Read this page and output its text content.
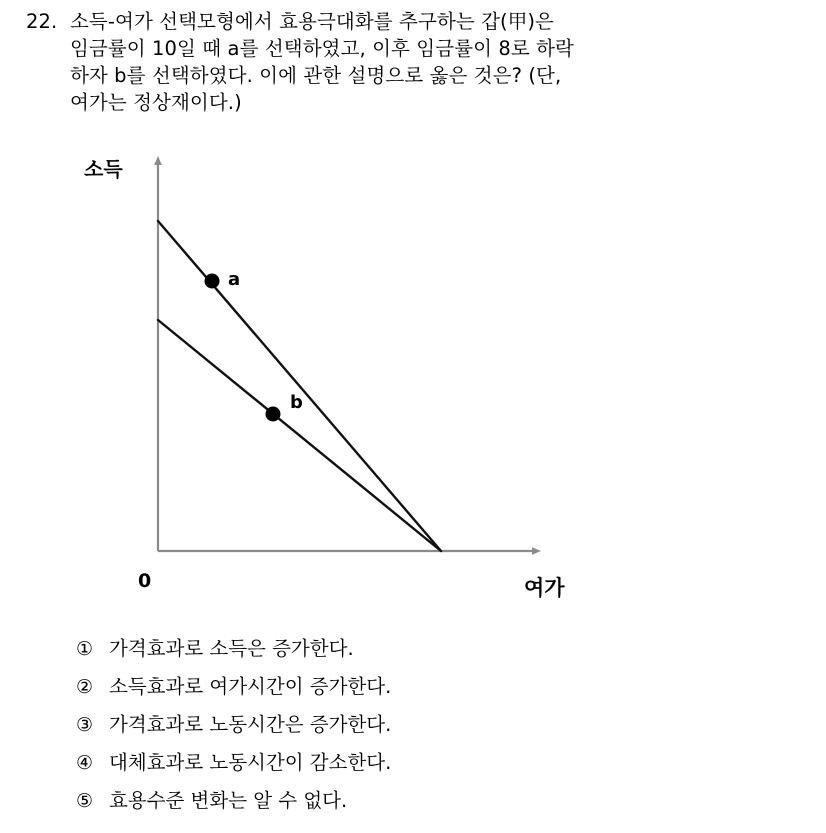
22. 소득-여가 선택모형에서 효용극대화를 추구하는 갑(甲)은
임금률이 10일 때 a를 선택하였고, 이후 임금률이 8로 하락
하자 b를 선택하였다. 이에 관한 설명으로 옳은 것은? (단,
여가는 정상재이다.)
소득
여가
0
a
b
① 가격효과로 소득은 증가한다.
② 소득효과로 여가시간이 증가한다.
③ 가격효과로 노동시간은 증가한다.
④ 대체효과로 노동시간이 감소한다.
⑤ 효용수준 변화는 알 수 없다.
